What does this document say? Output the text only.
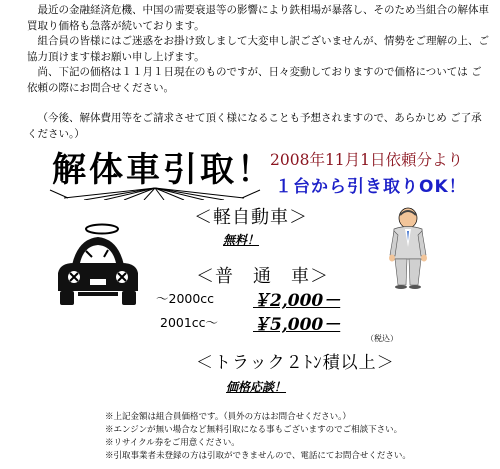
最近の金融経済危機、中国の需要衰退等の影響により鉄相場が暴落し、そのため当組合の解体車買取り価格も急落が続いております。

組合員の皆様にはご迷惑をお掛け致しまして大変申し訳ございませんが、情勢をご理解の上、ご協力頂けます様お願い申し上げます。

尚、下記の価格は１１月１日現在のものですが、日々変動しておりますので価格については ご依頼の際にお問合せください。

（今後、解体費用等をご請求させて頂く様になることも予想されますので、あらかじめ ご了承ください。）

解体車引取！
2008年11月1日依頼分より
１台から引き取りOK！
＜軽自動車＞
無料！
＜普　通　車＞
～2000cc ￥2,000－
2001cc～ ￥5,000－
（税込）
＜トラック２ﾄﾝ積以上＞
価格応談！
※上記金額は組合員価格です。（員外の方はお問合せください。）
※エンジンが無い場合など無料引取になる事もございますのでご相談下さい。
※リサイクル券をご用意ください。
※引取事業者未登録の方は引取ができませんので、電話にてお問合せください。
